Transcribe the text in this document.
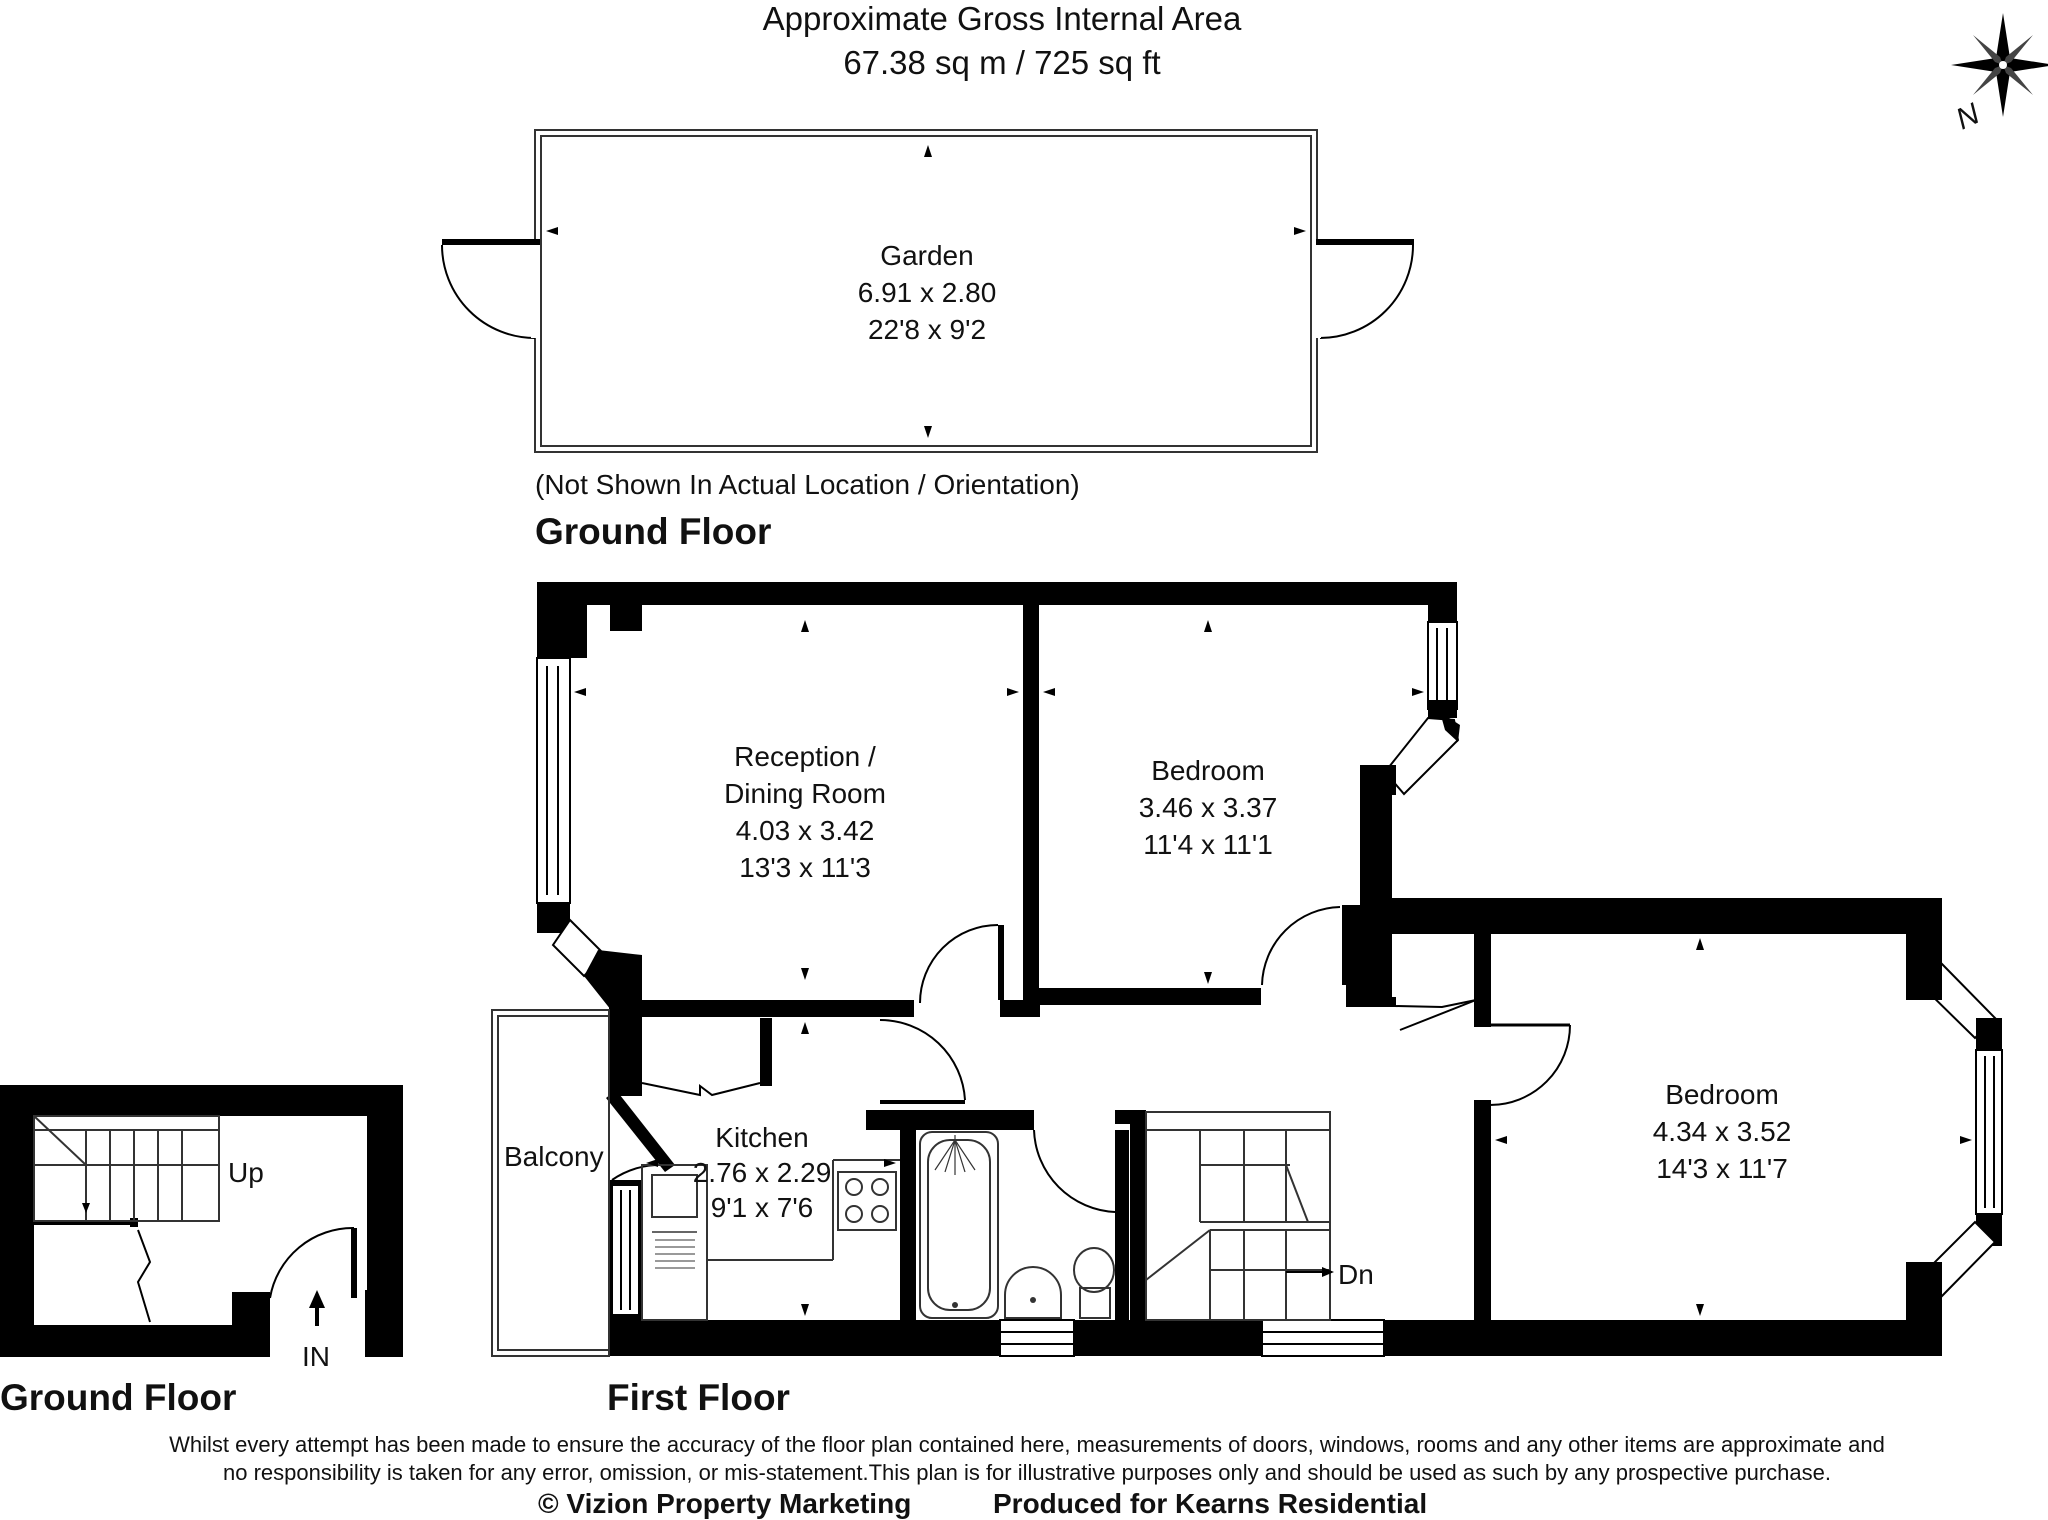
Approximate Gross Internal Area
67.38 sq m / 725 sq ft
N
Garden
6.91 x 2.80
22'8 x 9'2
(Not Shown In Actual Location / Orientation)
Ground Floor
Up
IN
Ground Floor
Reception /
Dining Room
4.03 x 3.42
13'3 x 11'3
Bedroom
3.46 x 3.37
11'4 x 11'1
Bedroom
4.34 x 3.52
14'3 x 11'7
Kitchen
2.76 x 2.29
9'1 x 7'6
Balcony
Dn
First Floor
Whilst every attempt has been made to ensure the accuracy of the floor plan contained here, measurements of doors, windows, rooms and any other items are approximate and
no responsibility is taken for any error, omission, or mis-statement.This plan is for illustrative purposes only and should be used as such by any prospective purchase.
© Vizion Property Marketing	Produced for Kearns Residential
